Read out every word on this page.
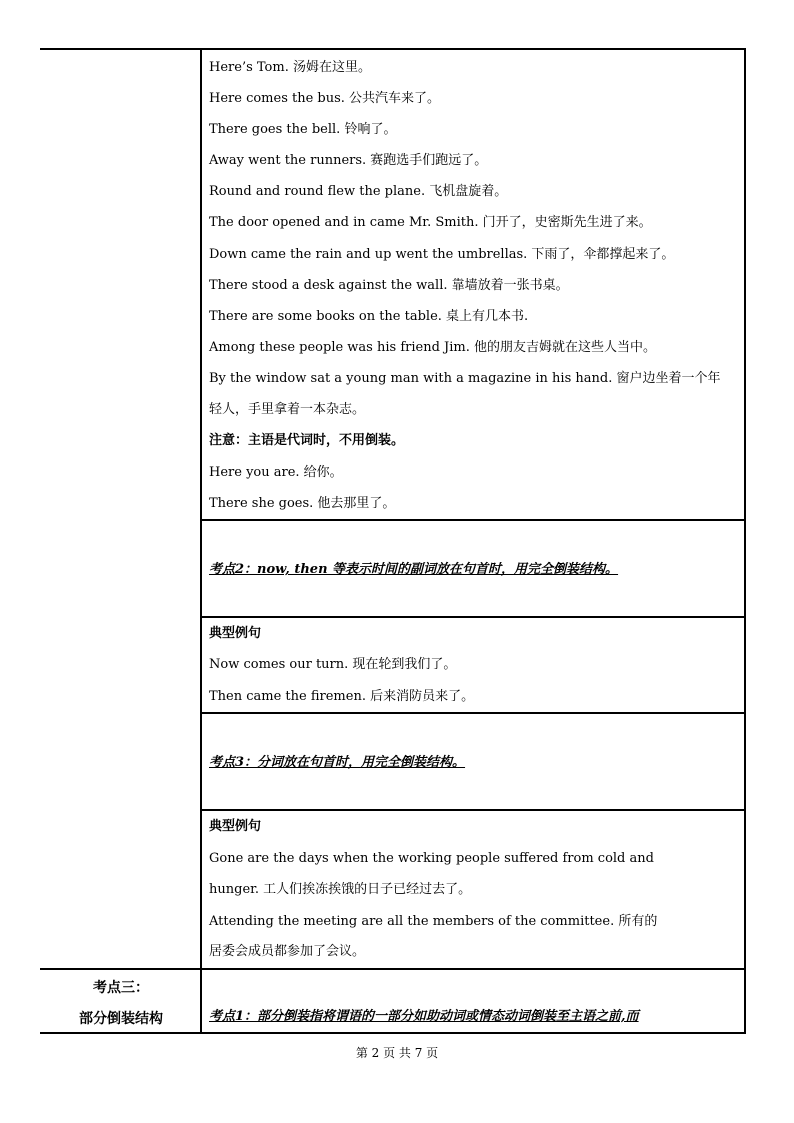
Here’s Tom. 汤姆在这里。
Here comes the bus. 公共汽车来了。
There goes the bell. 铃响了。
Away went the runners. 赛跑选手们跑远了。
Round and round flew the plane. 飞机盘旋着。
The door opened and in came Mr. Smith. 门开了，史密斯先生进了来。
Down came the rain and up went the umbrellas. 下雨了，伞都撑起来了。
There stood a desk against the wall. 靠墙放着一张书桌。
There are some books on the table. 桌上有几本书.
Among these people was his friend Jim. 他的朋友吉姆就在这些人当中。
By the window sat a young man with a magazine in his hand. 窗户边坐着一个年
轻人，手里拿着一本杂志。
注意：主语是代词时，不用倒装。
Here you are. 给你。
There she goes. 他去那里了。
考点2：now, then 等表示时间的副词放在句首时，用完全倒装结构。
典型例句
Now comes our turn. 现在轮到我们了。
Then came the firemen. 后来消防员来了。
考点3：分词放在句首时，用完全倒装结构。
典型例句
Gone are the days when the working people suffered from cold and
hunger. 工人们挨冻挨饿的日子已经过去了。
Attending the meeting are all the members of the committee. 所有的
居委会成员都参加了会议。
考点三：
部分倒装结构	考点1：部分倒装指将谓语的一部分如助动词或情态动词倒装至主语之前,而
第 2 页 共 7 页
